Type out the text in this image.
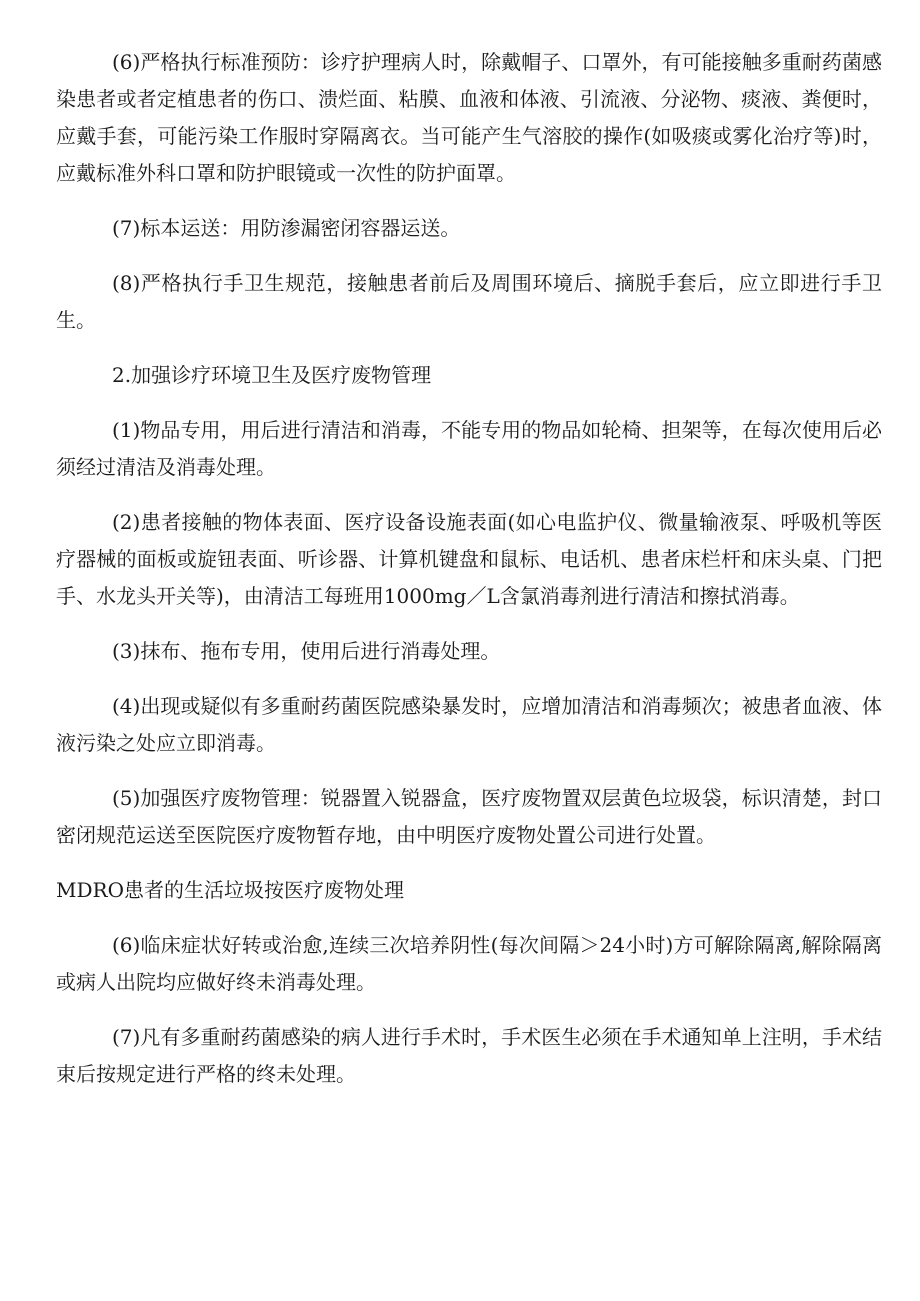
(6)严格执行标准预防：诊疗护理病人时，除戴帽子、口罩外，有可能接触多重耐药菌感染患者或者定植患者的伤口、溃烂面、粘膜、血液和体液、引流液、分泌物、痰液、粪便时，应戴手套，可能污染工作服时穿隔离衣。当可能产生气溶胶的操作(如吸痰或雾化治疗等)时，应戴标准外科口罩和防护眼镜或一次性的防护面罩。

(7)标本运送：用防渗漏密闭容器运送。

(8)严格执行手卫生规范，接触患者前后及周围环境后、摘脱手套后，应立即进行手卫生。

2.加强诊疗环境卫生及医疗废物管理

(1)物品专用，用后进行清洁和消毒，不能专用的物品如轮椅、担架等，在每次使用后必须经过清洁及消毒处理。

(2)患者接触的物体表面、医疗设备设施表面(如心电监护仪、微量输液泵、呼吸机等医疗器械的面板或旋钮表面、听诊器、计算机键盘和鼠标、电话机、患者床栏杆和床头桌、门把手、水龙头开关等)，由清洁工每班用1000mg／L含氯消毒剂进行清洁和擦拭消毒。

(3)抹布、拖布专用，使用后进行消毒处理。

(4)出现或疑似有多重耐药菌医院感染暴发时，应增加清洁和消毒频次；被患者血液、体液污染之处应立即消毒。

(5)加强医疗废物管理：锐器置入锐器盒，医疗废物置双层黄色垃圾袋，标识清楚，封口密闭规范运送至医院医疗废物暂存地，由中明医疗废物处置公司进行处置。

MDRO患者的生活垃圾按医疗废物处理

(6)临床症状好转或治愈,连续三次培养阴性(每次间隔＞24小时)方可解除隔离,解除隔离或病人出院均应做好终未消毒处理。

(7)凡有多重耐药菌感染的病人进行手术时，手术医生必须在手术通知单上注明，手术结束后按规定进行严格的终未处理。
